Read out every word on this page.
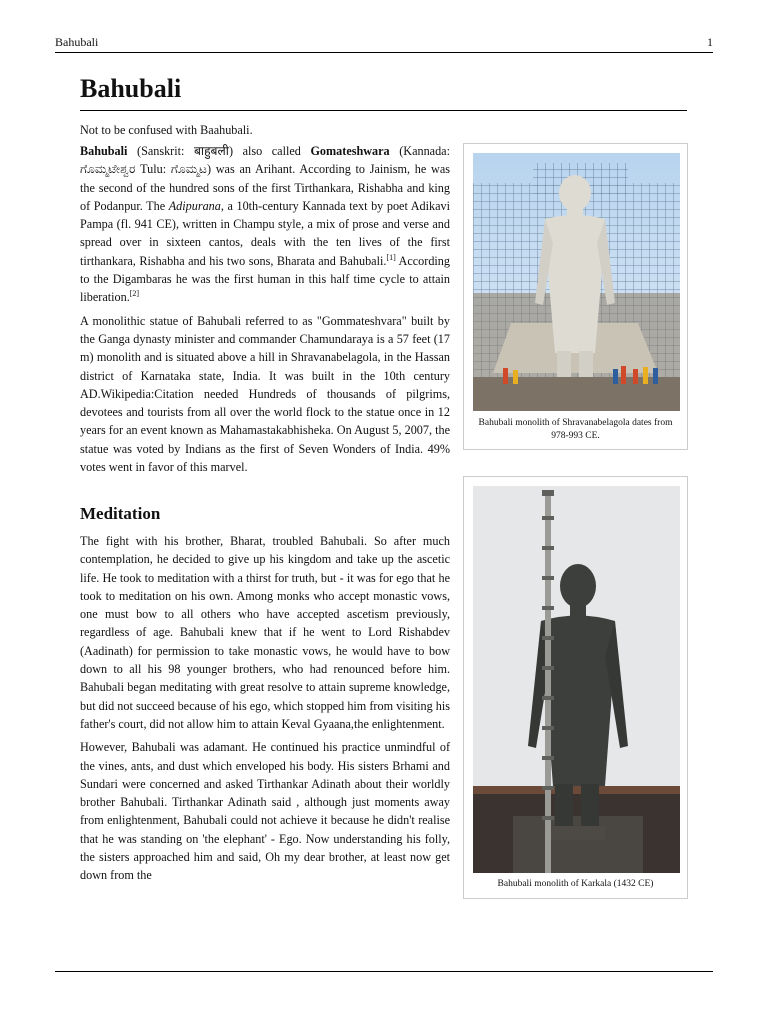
Bahubali	1
Bahubali
Not to be confused with Baahubali.

Bahubali (Sanskrit: बाहुबली) also called Gomateshwara (Kannada: ಗೊಮ್ಮಟೇಶ್ವರ Tulu: ಗೊಮ್ಮಟ) was an Arihant. According to Jainism, he was the second of the hundred sons of the first Tirthankara, Rishabha and king of Podanpur. The Adipurana, a 10th-century Kannada text by poet Adikavi Pampa (fl. 941 CE), written in Champu style, a mix of prose and verse and spread over in sixteen cantos, deals with the ten lives of the first tirthankara, Rishabha and his two sons, Bharata and Bahubali.[1] According to the Digambaras he was the first human in this half time cycle to attain liberation.[2]

A monolithic statue of Bahubali referred to as "Gommateshvara" built by the Ganga dynasty minister and commander Chamundaraya is a 57 feet (17 m) monolith and is situated above a hill in Shravanabelagola, in the Hassan district of Karnataka state, India. It was built in the 10th century AD.Wikipedia:Citation needed Hundreds of thousands of pilgrims, devotees and tourists from all over the world flock to the statue once in 12 years for an event known as Mahamastakabhisheka. On August 5, 2007, the statue was voted by Indians as the first of Seven Wonders of India. 49% votes went in favor of this marvel.

Meditation

The fight with his brother, Bharat, troubled Bahubali. So after much contemplation, he decided to give up his kingdom and take up the ascetic life. He took to meditation with a thirst for truth, but - it was for ego that he took to meditation on his own. Among monks who accept monastic vows, one must bow to all others who have accepted ascetism previously, regardless of age. Bahubali knew that if he went to Lord Rishabdev (Aadinath) for permission to take monastic vows, he would have to bow down to all his 98 younger brothers, who had renounced before him. Bahubali began meditating with great resolve to attain supreme knowledge, but did not succeed because of his ego, which stopped him from visiting his father's court, did not allow him to attain Keval Gyaana,the enlightenment.

However, Bahubali was adamant. He continued his practice unmindful of the vines, ants, and dust which enveloped his body. His sisters Brhami and Sundari were concerned and asked Tirthankar Adinath about their worldly brother Bahubali. Tirthankar Adinath said , although just moments away from enlightenment, Bahubali could not achieve it because he didn't realise that he was standing on 'the elephant' - Ego. Now understanding his folly, the sisters approached him and said, Oh my dear brother, at least now get down from the

Bahubali monolith of Shravanabelagola dates from 978-993 CE.
Bahubali monolith of Karkala (1432 CE)
